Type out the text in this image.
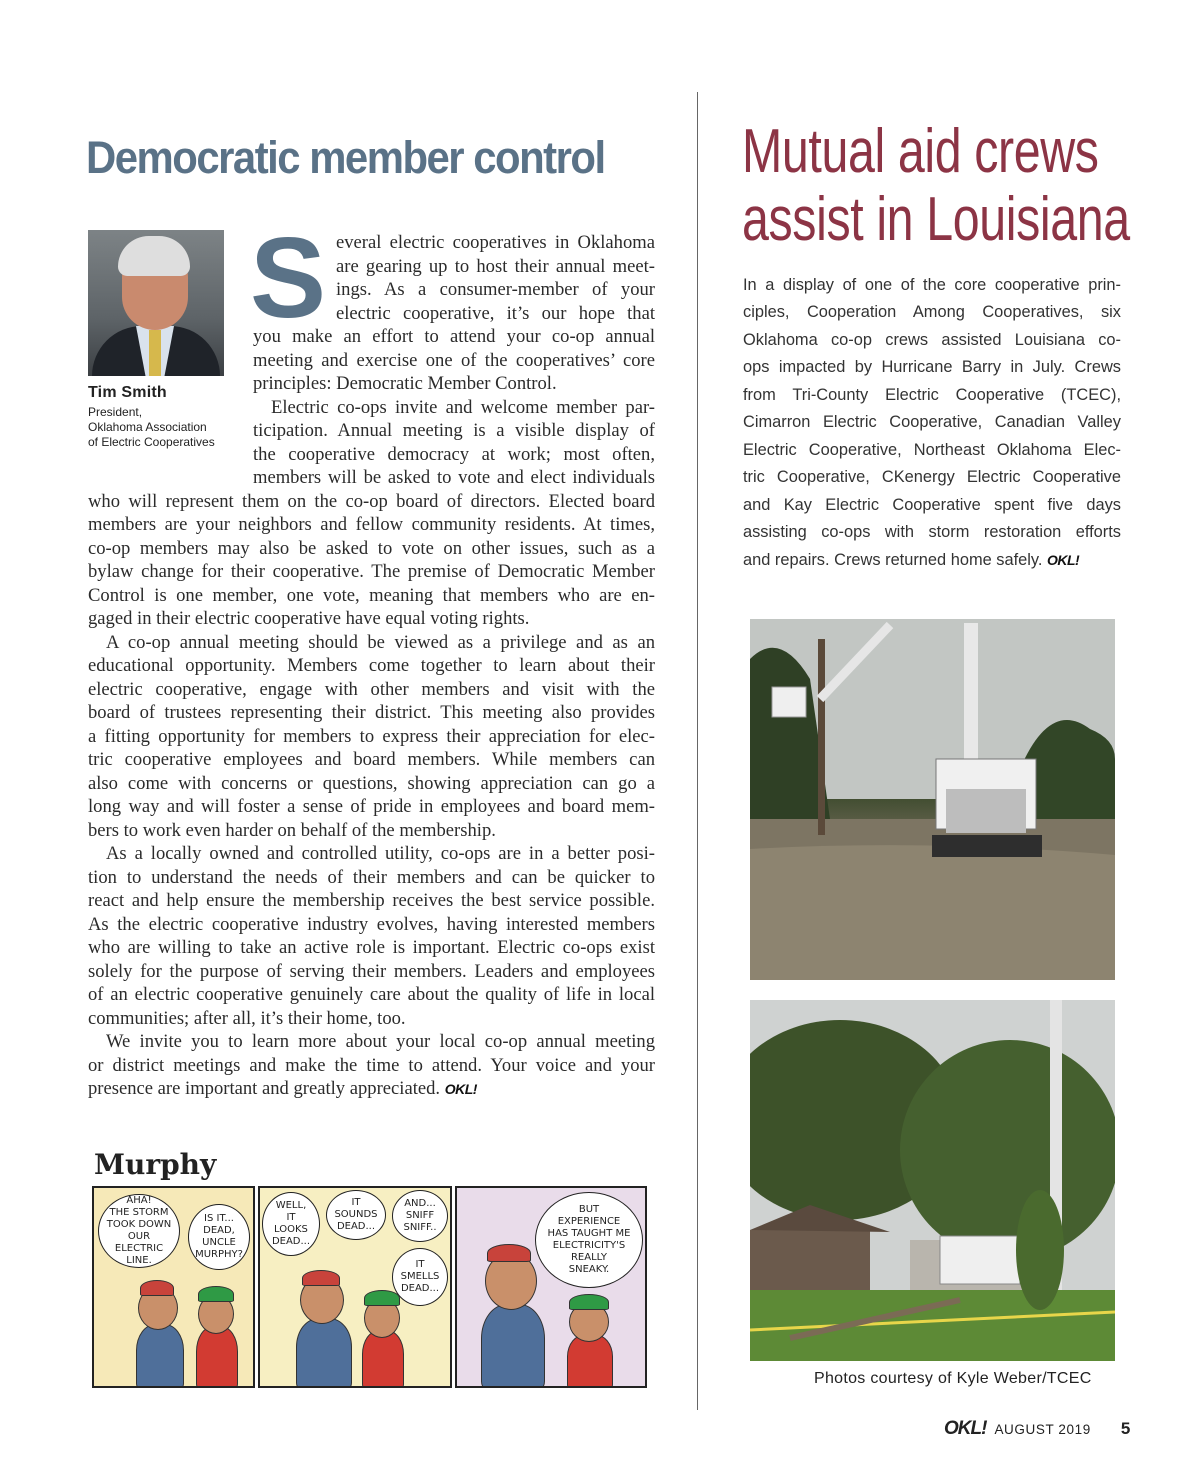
Democratic member control
Tim Smith
President,
Oklahoma Association
of Electric Cooperatives
S everal electric cooperatives in Oklahoma
are gearing up to host their annual meet-
ings. As a consumer-member of your
electric cooperative, it’s our hope that
you make an effort to attend your co-op annual
meeting and exercise one of the cooperatives’ core
principles: Democratic Member Control.
Electric co-ops invite and welcome member par-
ticipation. Annual meeting is a visible display of
the cooperative democracy at work; most often,
members will be asked to vote and elect individuals
who will represent them on the co-op board of directors. Elected board
members are your neighbors and fellow community residents. At times,
co-op members may also be asked to vote on other issues, such as a
bylaw change for their cooperative. The premise of Democratic Member
Control is one member, one vote, meaning that members who are en-
gaged in their electric cooperative have equal voting rights.
A co-op annual meeting should be viewed as a privilege and as an
educational opportunity. Members come together to learn about their
electric cooperative, engage with other members and visit with the
board of trustees representing their district. This meeting also provides
a fitting opportunity for members to express their appreciation for elec-
tric cooperative employees and board members. While members can
also come with concerns or questions, showing appreciation can go a
long way and will foster a sense of pride in employees and board mem-
bers to work even harder on behalf of the membership.
As a locally owned and controlled utility, co-ops are in a better posi-
tion to understand the needs of their members and can be quicker to
react and help ensure the membership receives the best service possible.
As the electric cooperative industry evolves, having interested members
who are willing to take an active role is important. Electric co-ops exist
solely for the purpose of serving their members. Leaders and employees
of an electric cooperative genuinely care about the quality of life in local
communities; after all, it’s their home, too.
We invite you to learn more about your local co-op annual meeting
or district meetings and make the time to attend. Your voice and your
presence are important and greatly appreciated. OKL!
Murphy
AHA!
THE STORM
TOOK DOWN
OUR
ELECTRIC LINE.
IS IT...
DEAD,
UNCLE
MURPHY?
WELL,
IT
LOOKS
DEAD...
IT
SOUNDS
DEAD...
AND...
SNIFF
SNIFF..
IT
SMELLS
DEAD...
BUT
EXPERIENCE
HAS TAUGHT ME
ELECTRICITY'S
REALLY
SNEAKY.
Mutual aid crews
assist in Louisiana
In a display of one of the core cooperative prin-
ciples, Cooperation Among Cooperatives, six
Oklahoma co-op crews assisted Louisiana co-
ops impacted by Hurricane Barry in July. Crews
from Tri-County Electric Cooperative (TCEC),
Cimarron Electric Cooperative, Canadian Valley
Electric Cooperative, Northeast Oklahoma Elec-
tric Cooperative, CKenergy Electric Cooperative
and Kay Electric Cooperative spent five days
assisting co-ops with storm restoration efforts
and repairs. Crews returned home safely. OKL!
Photos courtesy of Kyle Weber/TCEC
OKL! AUGUST 2019 5
